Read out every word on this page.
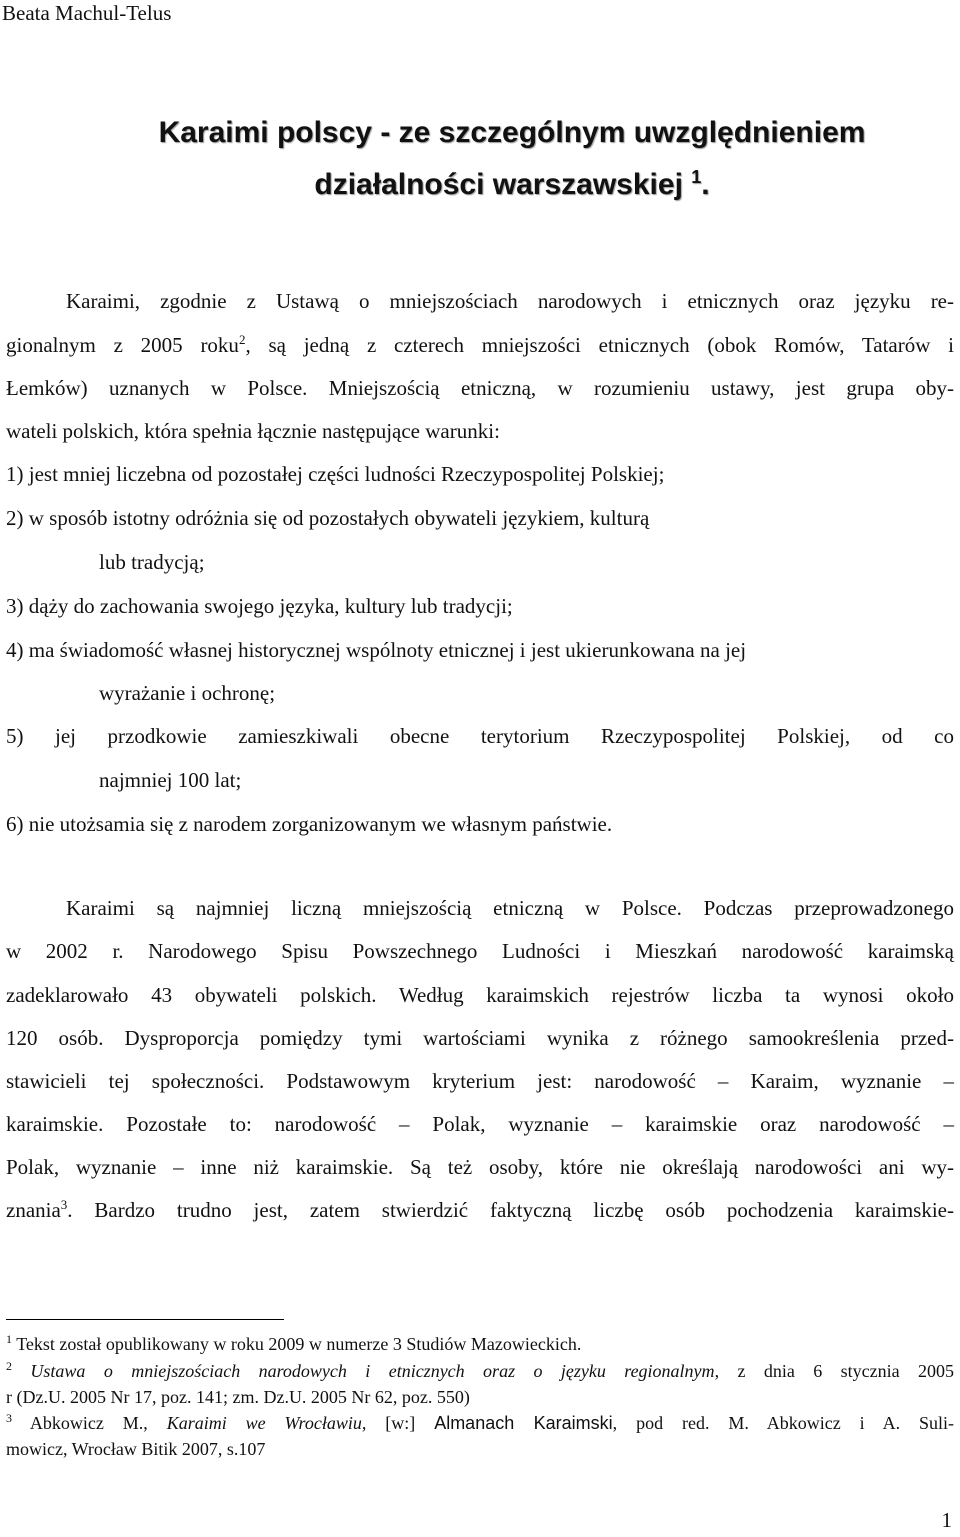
Beata Machul-Telus
Karaimi polscy - ze szczególnym uwzględnieniem
działalności warszawskiej $^1$.
Karaimi, zgodnie z Ustawą o mniejszościach narodowych i etnicznych oraz języku re-
gionalnym z 2005 roku$^2$, są jedną z czterech mniejszości etnicznych (obok Romów, Tatarów i
Łemków) uznanych w Polsce. Mniejszością etniczną, w rozumieniu ustawy, jest grupa oby-
wateli polskich, która spełnia łącznie następujące warunki:
1) jest mniej liczebna od pozostałej części ludności Rzeczypospolitej Polskiej;
2) w sposób istotny odróżnia się od pozostałych obywateli językiem, kulturą
lub tradycją;
3) dąży do zachowania swojego języka, kultury lub tradycji;
4) ma świadomość własnej historycznej wspólnoty etnicznej i jest ukierunkowana na jej
wyrażanie i ochronę;
5) jej przodkowie zamieszkiwali obecne terytorium Rzeczypospolitej Polskiej, od co
najmniej 100 lat;
6) nie utożsamia się z narodem zorganizowanym we własnym państwie.
Karaimi są najmniej liczną mniejszością etniczną w Polsce. Podczas przeprowadzonego
w 2002 r. Narodowego Spisu Powszechnego Ludności i Mieszkań narodowość karaimską
zadeklarowało 43 obywateli polskich. Według karaimskich rejestrów liczba ta wynosi około
120 osób. Dysproporcja pomiędzy tymi wartościami wynika z różnego samookreślenia przed-
stawicieli tej społeczności. Podstawowym kryterium jest: narodowość – Karaim, wyznanie –
karaimskie. Pozostałe to: narodowość – Polak, wyznanie – karaimskie oraz narodowość –
Polak, wyznanie – inne niż karaimskie. Są też osoby, które nie określają narodowości ani wy-
znania$^3$. Bardzo trudno jest, zatem stwierdzić faktyczną liczbę osób pochodzenia karaimskie-
$^1$ Tekst został opublikowany w roku 2009 w numerze 3 Studiów Mazowieckich.
$^2$ Ustawa o mniejszościach narodowych i etnicznych oraz o języku regionalnym, z dnia 6 stycznia 2005
r (Dz.U. 2005 Nr 17, poz. 141; zm. Dz.U. 2005 Nr 62, poz. 550)
$^3$ Abkowicz M., Karaimi we Wrocławiu, [w:] Almanach Karaimski, pod red. M. Abkowicz i A. Suli-
mowicz, Wrocław Bitik 2007, s.107
1
